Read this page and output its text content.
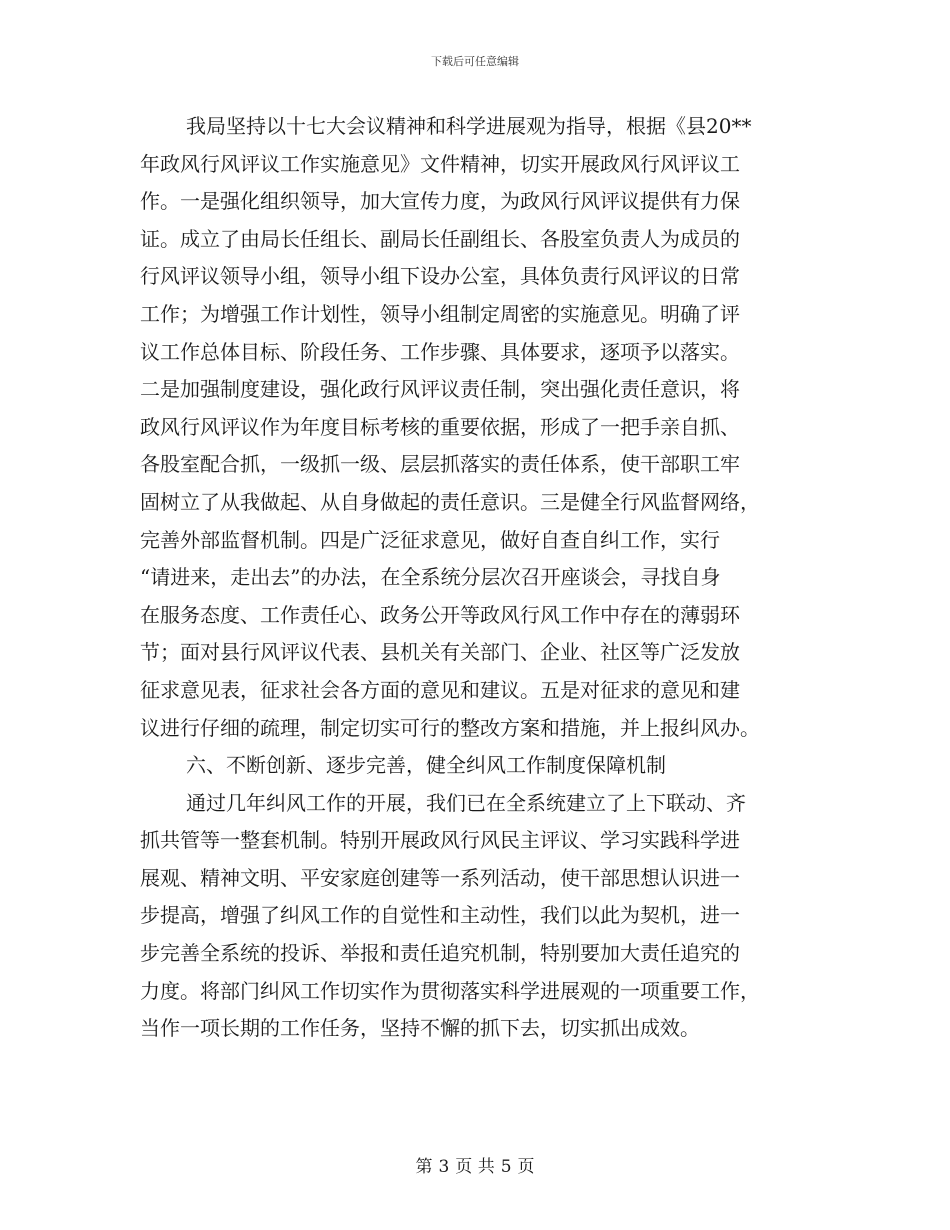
下载后可任意编辑
我局坚持以十七大会议精神和科学进展观为指导，根据《县20**
年政风行风评议工作实施意见》文件精神，切实开展政风行风评议工
作。一是强化组织领导，加大宣传力度，为政风行风评议提供有力保
证。成立了由局长任组长、副局长任副组长、各股室负责人为成员的
行风评议领导小组，领导小组下设办公室，具体负责行风评议的日常
工作；为增强工作计划性，领导小组制定周密的实施意见。明确了评
议工作总体目标、阶段任务、工作步骤、具体要求，逐项予以落实。
二是加强制度建设，强化政行风评议责任制，突出强化责任意识，将
政风行风评议作为年度目标考核的重要依据，形成了一把手亲自抓、
各股室配合抓，一级抓一级、层层抓落实的责任体系，使干部职工牢
固树立了从我做起、从自身做起的责任意识。三是健全行风监督网络，
完善外部监督机制。四是广泛征求意见，做好自查自纠工作，实行
“请进来，走出去”的办法，在全系统分层次召开座谈会，寻找自身
在服务态度、工作责任心、政务公开等政风行风工作中存在的薄弱环
节；面对县行风评议代表、县机关有关部门、企业、社区等广泛发放
征求意见表，征求社会各方面的意见和建议。五是对征求的意见和建
议进行仔细的疏理，制定切实可行的整改方案和措施，并上报纠风办。
六、不断创新、逐步完善，健全纠风工作制度保障机制
通过几年纠风工作的开展，我们已在全系统建立了上下联动、齐
抓共管等一整套机制。特别开展政风行风民主评议、学习实践科学进
展观、精神文明、平安家庭创建等一系列活动，使干部思想认识进一
步提高，增强了纠风工作的自觉性和主动性，我们以此为契机，进一
步完善全系统的投诉、举报和责任追究机制，特别要加大责任追究的
力度。将部门纠风工作切实作为贯彻落实科学进展观的一项重要工作，
当作一项长期的工作任务，坚持不懈的抓下去，切实抓出成效。
第 3 页 共 5 页
